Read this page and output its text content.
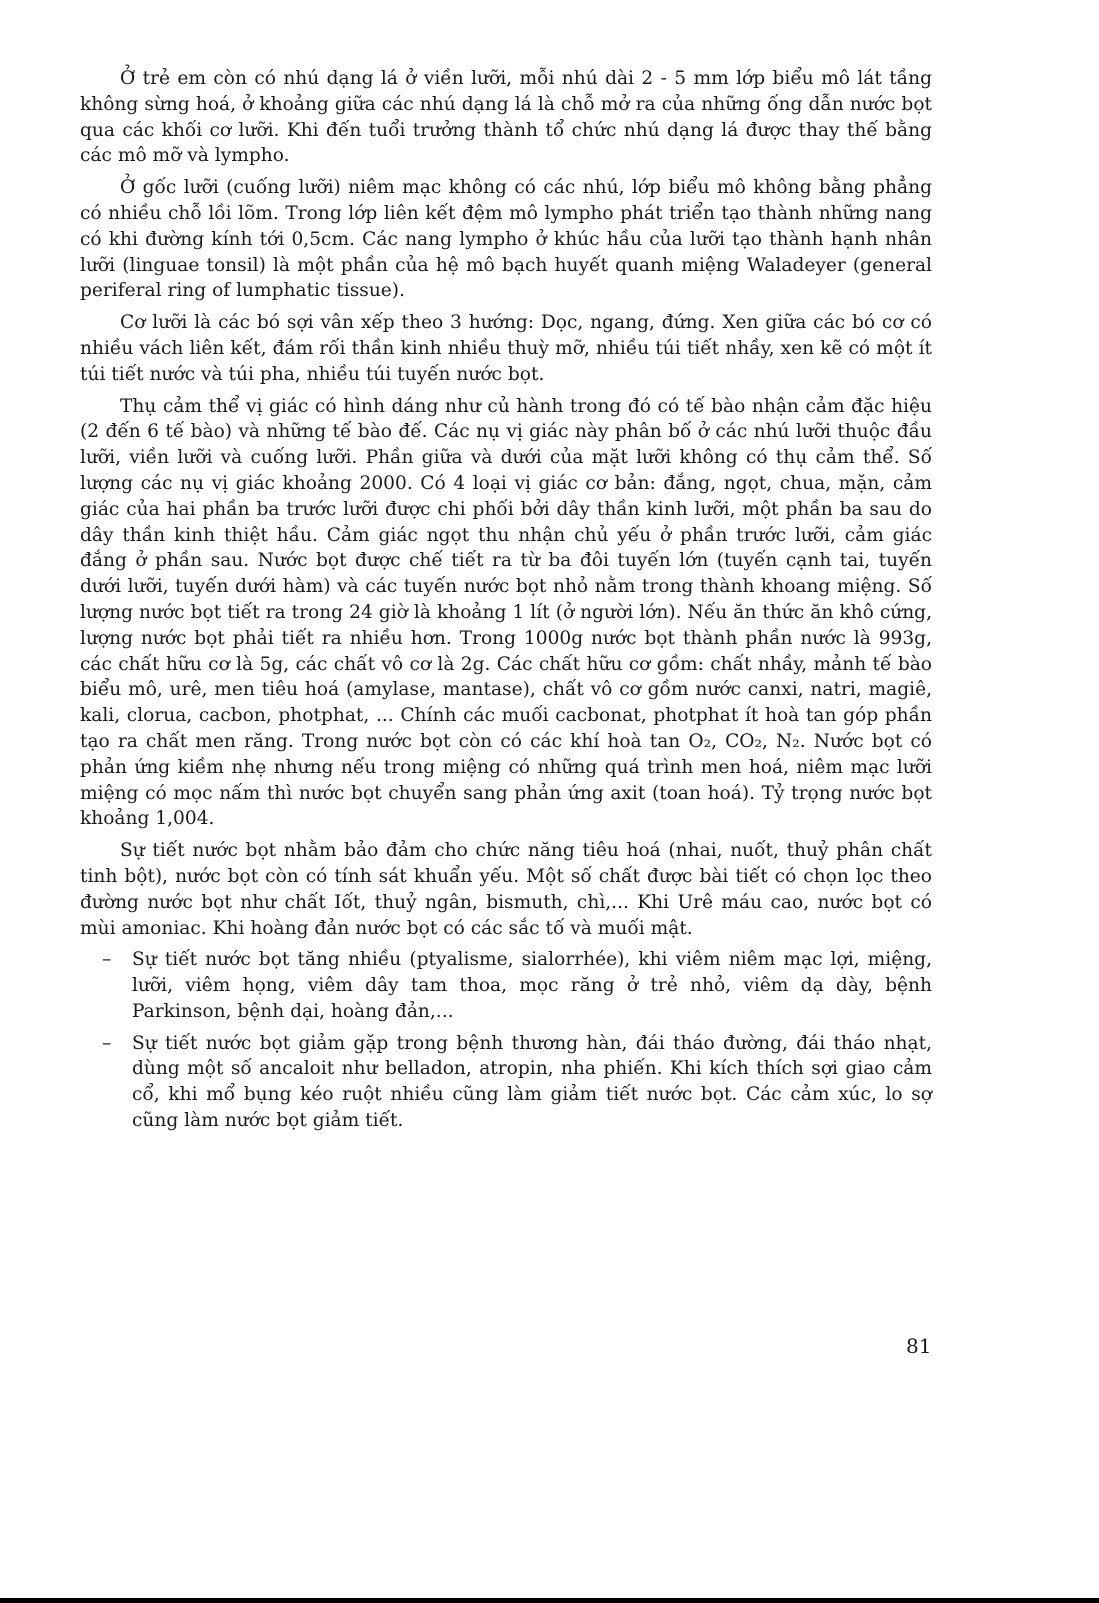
Ở trẻ em còn có nhú dạng lá ở viền lưỡi, mỗi nhú dài 2 - 5 mm lớp biểu mô lát tầng không sừng hoá, ở khoảng giữa các nhú dạng lá là chỗ mở ra của những ống dẫn nước bọt qua các khối cơ lưỡi. Khi đến tuổi trưởng thành tổ chức nhú dạng lá được thay thế bằng các mô mỡ và lympho.

Ở gốc lưỡi (cuống lưỡi) niêm mạc không có các nhú, lớp biểu mô không bằng phẳng có nhiều chỗ lồi lõm. Trong lớp liên kết đệm mô lympho phát triển tạo thành những nang có khi đường kính tới 0,5cm. Các nang lympho ở khúc hầu của lưỡi tạo thành hạnh nhân lưỡi (linguae tonsil) là một phần của hệ mô bạch huyết quanh miệng Waladeyer (general periferal ring of lumphatic tissue).

Cơ lưỡi là các bó sợi vân xếp theo 3 hướng: Dọc, ngang, đứng. Xen giữa các bó cơ có nhiều vách liên kết, đám rối thần kinh nhiều thuỳ mỡ, nhiều túi tiết nhầy, xen kẽ có một ít túi tiết nước và túi pha, nhiều túi tuyến nước bọt.

Thụ cảm thể vị giác có hình dáng như củ hành trong đó có tế bào nhận cảm đặc hiệu (2 đến 6 tế bào) và những tế bào đế. Các nụ vị giác này phân bố ở các nhú lưỡi thuộc đầu lưỡi, viền lưỡi và cuống lưỡi. Phần giữa và dưới của mặt lưỡi không có thụ cảm thể. Số lượng các nụ vị giác khoảng 2000. Có 4 loại vị giác cơ bản: đắng, ngọt, chua, mặn, cảm giác của hai phần ba trước lưỡi được chi phối bởi dây thần kinh lưỡi, một phần ba sau do dây thần kinh thiệt hầu. Cảm giác ngọt thu nhận chủ yếu ở phần trước lưỡi, cảm giác đắng ở phần sau. Nước bọt được chế tiết ra từ ba đôi tuyến lớn (tuyến cạnh tai, tuyến dưới lưỡi, tuyến dưới hàm) và các tuyến nước bọt nhỏ nằm trong thành khoang miệng. Số lượng nước bọt tiết ra trong 24 giờ là khoảng 1 lít (ở người lớn). Nếu ăn thức ăn khô cứng, lượng nước bọt phải tiết ra nhiều hơn. Trong 1000g nước bọt thành phần nước là 993g, các chất hữu cơ là 5g, các chất vô cơ là 2g. Các chất hữu cơ gồm: chất nhầy, mảnh tế bào biểu mô, urê, men tiêu hoá (amylase, mantase), chất vô cơ gồm nước canxi, natri, magiê, kali, clorua, cacbon, photphat, ... Chính các muối cacbonat, photphat ít hoà tan góp phần tạo ra chất men răng. Trong nước bọt còn có các khí hoà tan O₂, CO₂, N₂. Nước bọt có phản ứng kiềm nhẹ nhưng nếu trong miệng có những quá trình men hoá, niêm mạc lưỡi miệng có mọc nấm thì nước bọt chuyển sang phản ứng axit (toan hoá). Tỷ trọng nước bọt khoảng 1,004.

Sự tiết nước bọt nhằm bảo đảm cho chức năng tiêu hoá (nhai, nuốt, thuỷ phân chất tinh bột), nước bọt còn có tính sát khuẩn yếu. Một số chất được bài tiết có chọn lọc theo đường nước bọt như chất Iốt, thuỷ ngân, bismuth, chì,... Khi Urê máu cao, nước bọt có mùi amoniac. Khi hoàng đản nước bọt có các sắc tố và muối mật.

– Sự tiết nước bọt tăng nhiều (ptyalisme, sialorrhée), khi viêm niêm mạc lợi, miệng, lưỡi, viêm họng, viêm dây tam thoa, mọc răng ở trẻ nhỏ, viêm dạ dày, bệnh Parkinson, bệnh dại, hoàng đản,...
– Sự tiết nước bọt giảm gặp trong bệnh thương hàn, đái tháo đường, đái tháo nhạt, dùng một số ancaloit như belladon, atropin, nha phiến. Khi kích thích sợi giao cảm cổ, khi mổ bụng kéo ruột nhiều cũng làm giảm tiết nước bọt. Các cảm xúc, lo sợ cũng làm nước bọt giảm tiết.
81
